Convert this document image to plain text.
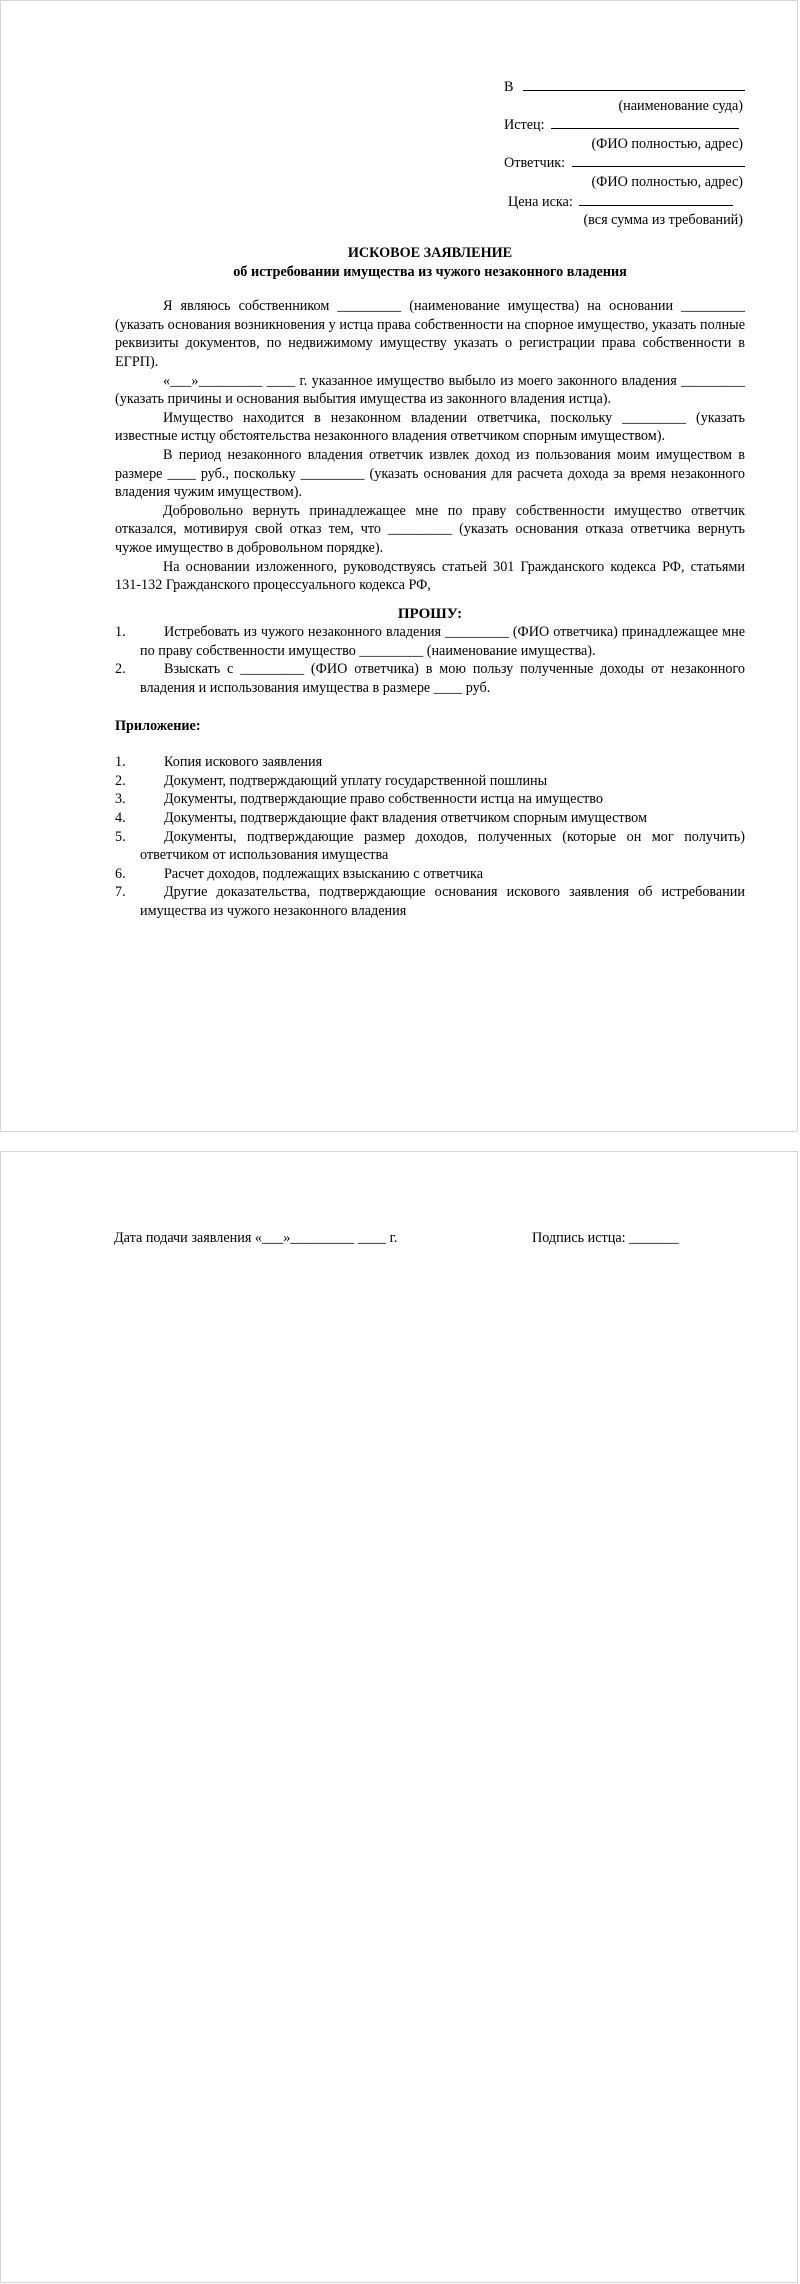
В
(наименование суда)
Истец:
(ФИО полностью, адрес)
Ответчик:
(ФИО полностью, адрес)
Цена иска:
(вся сумма из требований)
ИСКОВОЕ ЗАЯВЛЕНИЕ
об истребовании имущества из чужого незаконного владения

Я являюсь собственником _________ (наименование имущества) на основании _________ (указать основания возникновения у истца права собственности на спорное имущество, указать полные реквизиты документов, по недвижимому имуществу указать о регистрации права собственности в ЕГРП).

«___»_________ ____ г. указанное имущество выбыло из моего законного владения _________ (указать причины и основания выбытия имущества из законного владения истца).

Имущество находится в незаконном владении ответчика, поскольку _________ (указать известные истцу обстоятельства незаконного владения ответчиком спорным имуществом).

В период незаконного владения ответчик извлек доход из пользования моим имуществом в размере ____ руб., поскольку _________ (указать основания для расчета дохода за время незаконного владения чужим имуществом).

Добровольно вернуть принадлежащее мне по праву собственности имущество ответчик отказался, мотивируя свой отказ тем, что _________ (указать основания отказа ответчика вернуть чужое имущество в добровольном порядке).

На основании изложенного, руководствуясь статьей 301 Гражданского кодекса РФ, статьями 131-132 Гражданского процессуального кодекса РФ,

ПРОШУ:
1.	Истребовать из чужого незаконного владения _________ (ФИО ответчика) принадлежащее мне по праву собственности имущество _________ (наименование имущества).
2.	Взыскать с _________ (ФИО ответчика) в мою пользу полученные доходы от незаконного владения и использования имущества в размере ____ руб.
Приложение:
1.	Копия искового заявления
2.	Документ, подтверждающий уплату государственной пошлины
3.	Документы, подтверждающие право собственности истца на имущество
4.	Документы, подтверждающие факт владения ответчиком спорным имуществом
5.	Документы, подтверждающие размер доходов, полученных (которые он мог получить) ответчиком от использования имущества
6.	Расчет доходов, подлежащих взысканию с ответчика
7.	Другие доказательства, подтверждающие основания искового заявления об истребовании имущества из чужого незаконного владения
Дата подачи заявления «___»_________ ____ г.	Подпись истца: _______
